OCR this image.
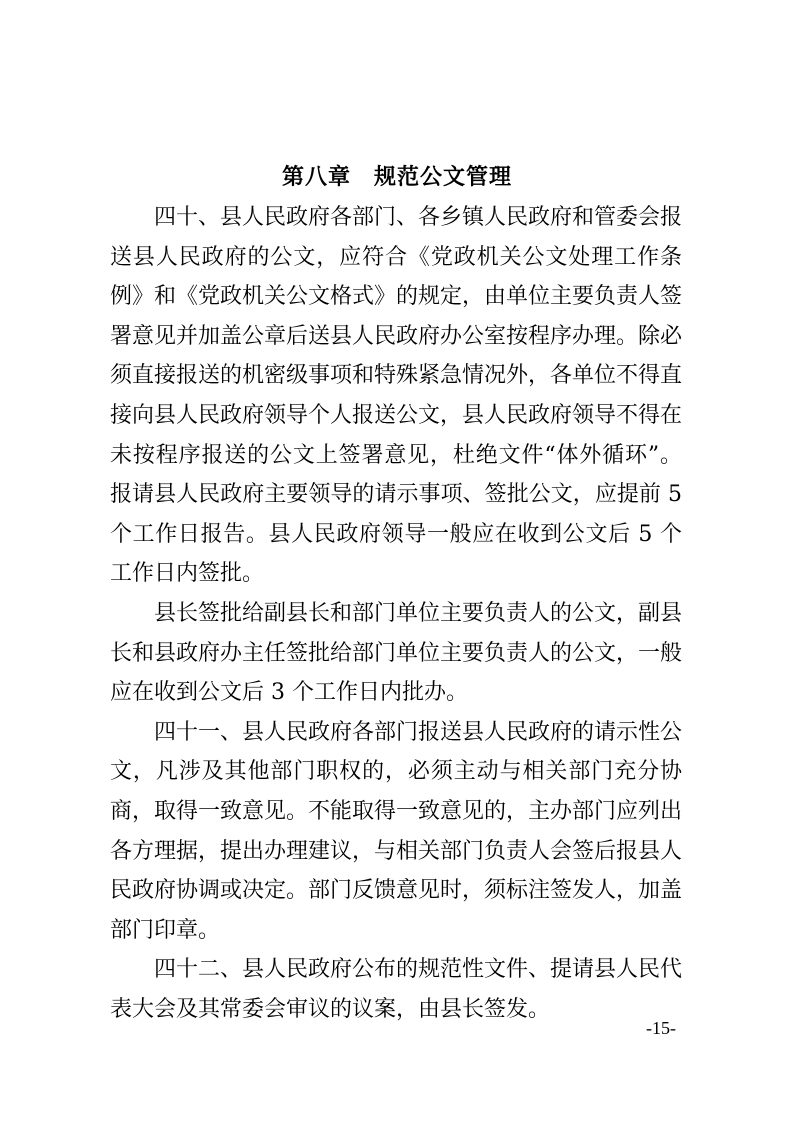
第八章　规范公文管理

四十、县人民政府各部门、各乡镇人民政府和管委会报送县人民政府的公文，应符合《党政机关公文处理工作条例》和《党政机关公文格式》的规定，由单位主要负责人签署意见并加盖公章后送县人民政府办公室按程序办理。除必须直接报送的机密级事项和特殊紧急情况外，各单位不得直接向县人民政府领导个人报送公文，县人民政府领导不得在未按程序报送的公文上签署意见，杜绝文件“体外循环”。报请县人民政府主要领导的请示事项、签批公文，应提前 5 个工作日报告。县人民政府领导一般应在收到公文后 5 个工作日内签批。

县长签批给副县长和部门单位主要负责人的公文，副县长和县政府办主任签批给部门单位主要负责人的公文，一般应在收到公文后 3 个工作日内批办。

四十一、县人民政府各部门报送县人民政府的请示性公文，凡涉及其他部门职权的，必须主动与相关部门充分协商，取得一致意见。不能取得一致意见的，主办部门应列出各方理据，提出办理建议，与相关部门负责人会签后报县人民政府协调或决定。部门反馈意见时，须标注签发人，加盖部门印章。

四十二、县人民政府公布的规范性文件、提请县人民代表大会及其常委会审议的议案，由县长签发。

-15-
